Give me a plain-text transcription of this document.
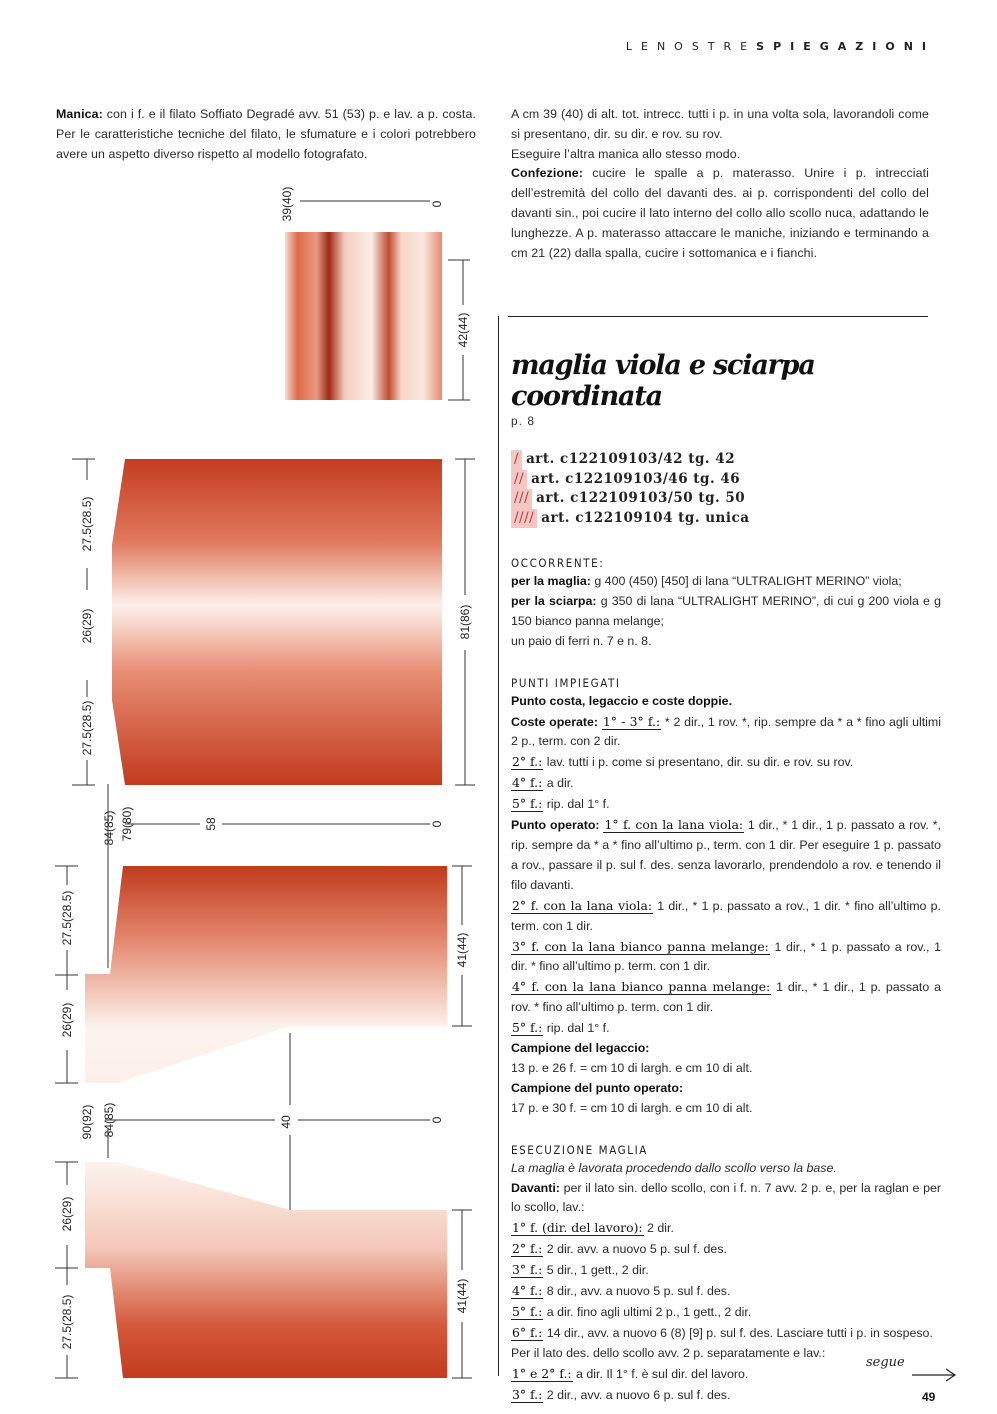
LENOSTRESPIEGAZIONI
Manica: con i f. e il filato Soffiato Degradé avv. 51 (53) p. e lav. a p. costa. Per le caratteristiche tecniche del filato, le sfumature e i colori potrebbero avere un aspetto diverso rispetto al modello fotografato.
A cm 39 (40) di alt. tot. intrecc. tutti i p. in una volta sola, lavorandoli come si presentano, dir. su dir. e rov. su rov.
Eseguire l’altra manica allo stesso modo.
Confezione: cucire le spalle a p. materasso. Unire i p. intrecciati dell’estremità del collo del davanti des. ai p. corrispondenti del collo del davanti sin., poi cucire il lato interno del collo allo scollo nuca, adattando le lunghezze. A p. materasso attaccare le maniche, iniziando e terminando a cm 21 (22) dalla spalla, cucire i sottomanica e i fianchi.
39(40)	0
42(44)
27.5(28.5)
26(29)
27.5(28.5)
81(86)
84(85) 79(80)	58	0
27.5(28.5)
26(29)
41(44)
90(92) 84(85)	40	0
26(29)
27.5(28.5)	41(44)
maglia viola e sciarpa coordinata
p. 8
/ art. c122109103/42 tg. 42
// art. c122109103/46 tg. 46
/// art. c122109103/50 tg. 50
//// art. c122109104 tg. unica
OCCORRENTE:
per la maglia: g 400 (450) [450] di lana “ULTRALIGHT MERINO” viola;
per la sciarpa: g 350 di lana “ULTRALIGHT MERINO”, di cui g 200 viola e g 150 bianco panna melange;
un paio di ferri n. 7 e n. 8.
PUNTI IMPIEGATI
Punto costa, legaccio e coste doppie.
Coste operate: 1° - 3° f.: * 2 dir., 1 rov. *, rip. sempre da * a * fino agli ultimi 2 p., term. con 2 dir.
2° f.: lav. tutti i p. come si presentano, dir. su dir. e rov. su rov.
4° f.: a dir.
5° f.: rip. dal 1° f.
Punto operato: 1° f. con la lana viola: 1 dir., * 1 dir., 1 p. passato a rov. *, rip. sempre da * a * fino all’ultimo p., term. con 1 dir. Per eseguire 1 p. passato a rov., passare il p. sul f. des. senza lavorarlo, prendendolo a rov. e tenendo il filo davanti.
2° f. con la lana viola: 1 dir., * 1 p. passato a rov., 1 dir. * fino all’ultimo p. term. con 1 dir.
3° f. con la lana bianco panna melange: 1 dir., * 1 p. passato a rov., 1 dir. * fino all’ultimo p. term. con 1 dir.
4° f. con la lana bianco panna melange: 1 dir., * 1 dir., 1 p. passato a rov. * fino all’ultimo p. term. con 1 dir.
5° f.: rip. dal 1° f.
Campione del legaccio:
13 p. e 26 f. = cm 10 di largh. e cm 10 di alt.
Campione del punto operato:
17 p. e 30 f. = cm 10 di largh. e cm 10 di alt.
ESECUZIONE MAGLIA
La maglia è lavorata procedendo dallo scollo verso la base.
Davanti: per il lato sin. dello scollo, con i f. n. 7 avv. 2 p. e, per la raglan e per lo scollo, lav.:
1° f. (dir. del lavoro): 2 dir.
2° f.: 2 dir. avv. a nuovo 5 p. sul f. des.
3° f.: 5 dir., 1 gett., 2 dir.
4° f.: 8 dir., avv. a nuovo 5 p. sul f. des.
5° f.: a dir. fino agli ultimi 2 p., 1 gett., 2 dir.
6° f.: 14 dir., avv. a nuovo 6 (8) [9] p. sul f. des. Lasciare tutti i p. in sospeso.
Per il lato des. dello scollo avv. 2 p. separatamente e lav.:
1° e 2° f.: a dir. Il 1° f. è sul dir. del lavoro.
3° f.: 2 dir., avv. a nuovo 6 p. sul f. des.
segue
49
